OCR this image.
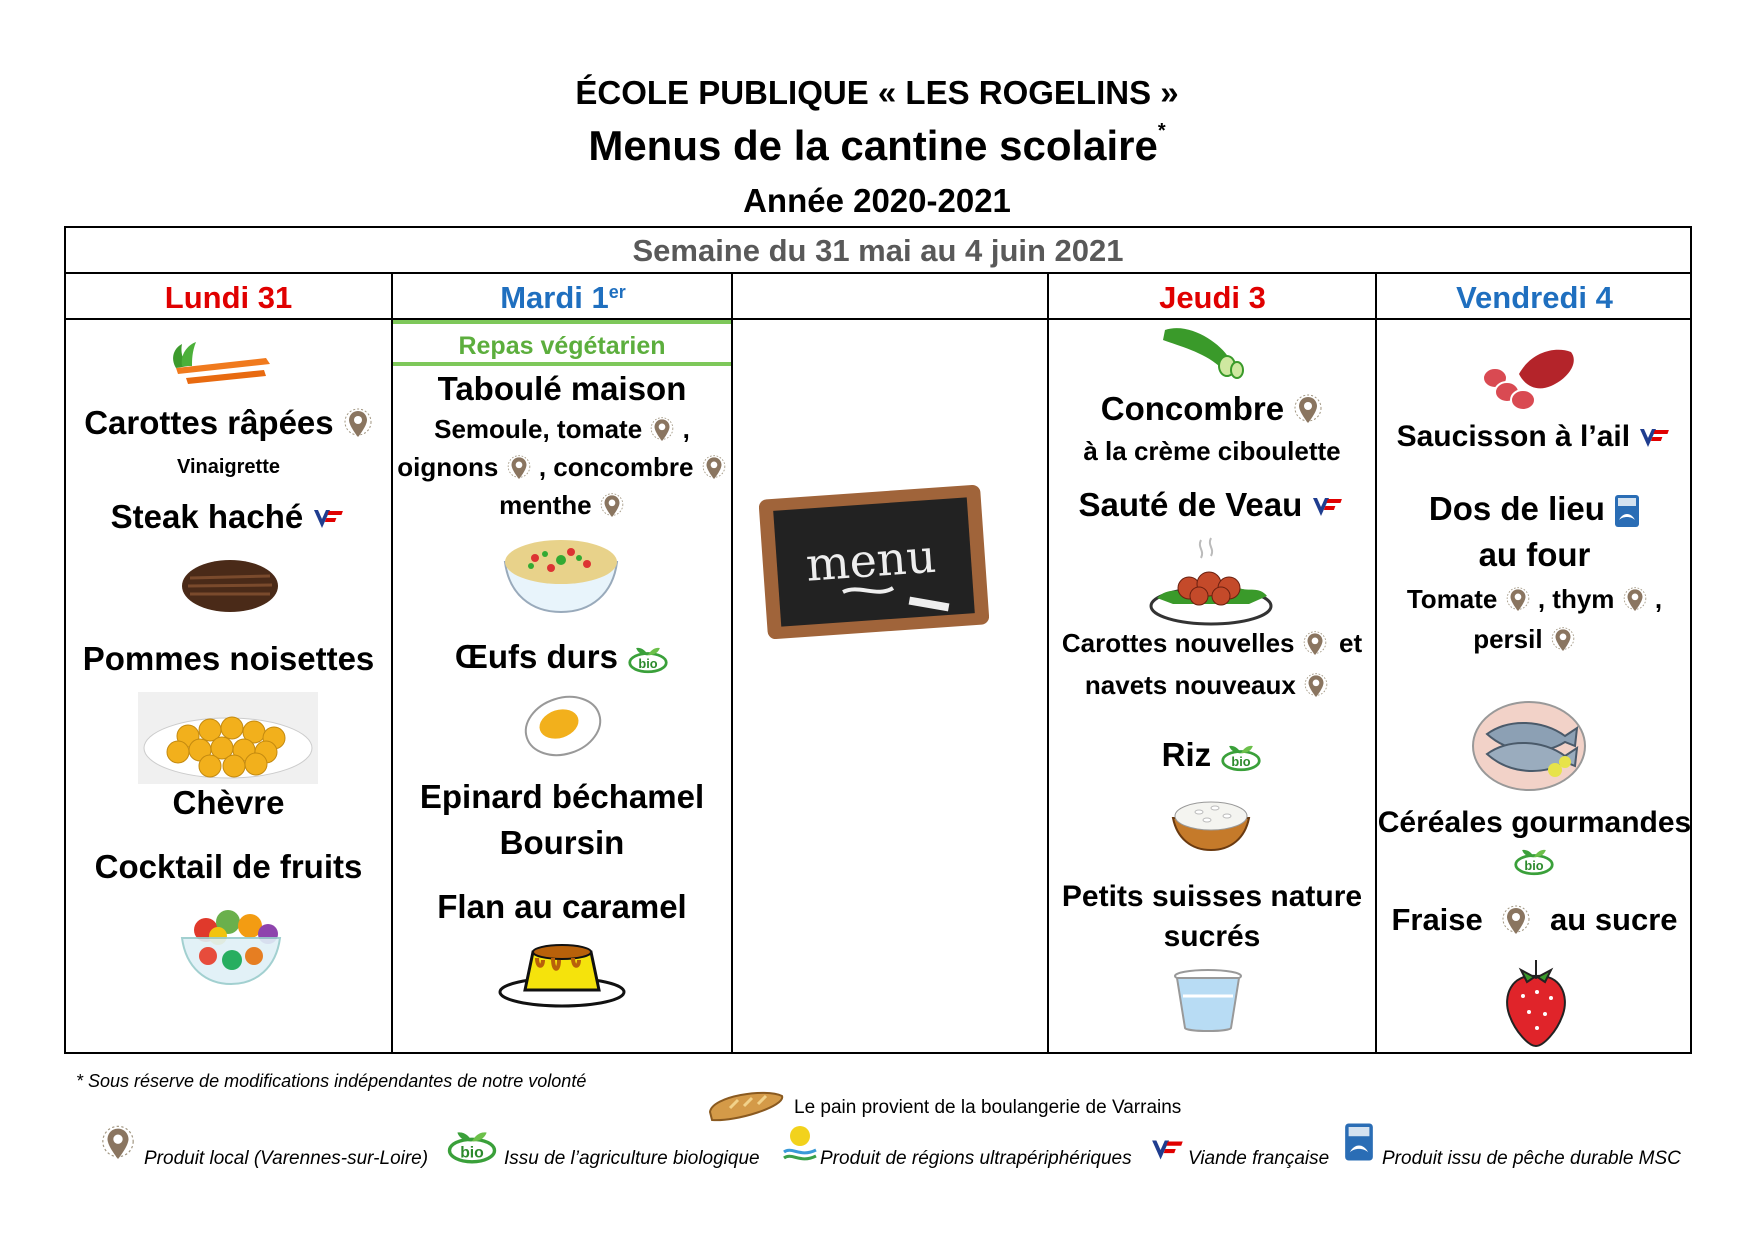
ÉCOLE PUBLIQUE « LES ROGELINS »
Menus de la cantine scolaire*
Année 2020-2021
Semaine du 31 mai au 4 juin 2021
Lundi 31	Mardi 1er	Jeudi 3	Vendredi 4
Carottes râpées
Vinaigrette
Steak haché
Pommes noisettes
Chèvre
Cocktail de fruits
Repas végétarien
Taboulé maison
Semoule, tomate ,
oignons , concombre
menthe
Œufs durs
Epinard béchamel
Boursin
Flan au caramel
menu
Concombre
à la crème ciboulette
Sauté de Veau
Carottes nouvelles et
navets nouveaux
Riz
Petits suisses nature
sucrés
Saucisson à l’ail
Dos de lieu
au four
Tomate , thym ,
persil
Céréales gourmandes
Fraise au sucre
* Sous réserve de modifications indépendantes de notre volonté
Le pain provient de la boulangerie de Varrains
Produit local (Varennes-sur-Loire)	Issu de l’agriculture biologique	Produit de régions ultrapériphériques	Viande française	Produit issu de pêche durable MSC
